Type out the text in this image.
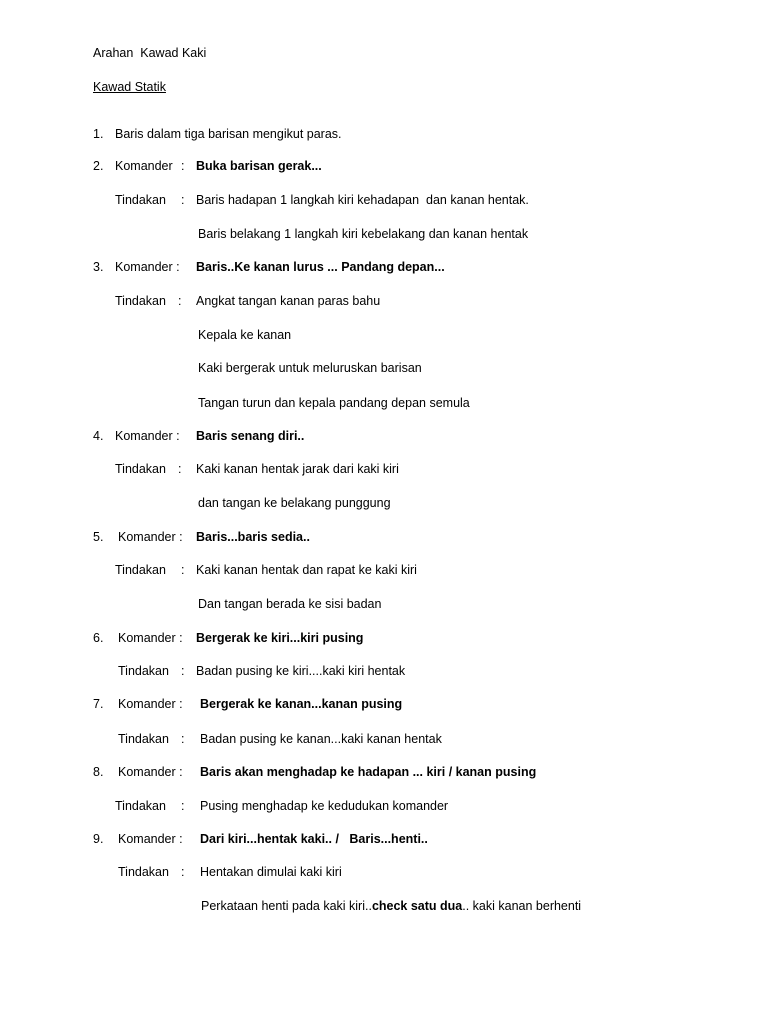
Arahan  Kawad Kaki
Kawad Statik
1. Baris dalam tiga barisan mengikut paras.
2. Komander : Buka barisan gerak...
Tindakan : Baris hadapan 1 langkah kiri kehadapan  dan kanan hentak.
Baris belakang 1 langkah kiri kebelakang dan kanan hentak
3. Komander : Baris..Ke kanan lurus ... Pandang depan...
Tindakan : Angkat tangan kanan paras bahu
Kepala ke kanan
Kaki bergerak untuk meluruskan barisan
Tangan turun dan kepala pandang depan semula
4. Komander : Baris senang diri..
Tindakan : Kaki kanan hentak jarak dari kaki kiri
dan tangan ke belakang punggung
5. Komander : Baris...baris sedia..
Tindakan : Kaki kanan hentak dan rapat ke kaki kiri
Dan tangan berada ke sisi badan
6. Komander : Bergerak ke kiri...kiri pusing
Tindakan : Badan pusing ke kiri....kaki kiri hentak
7. Komander : Bergerak ke kanan...kanan pusing
Tindakan : Badan pusing ke kanan...kaki kanan hentak
8. Komander : Baris akan menghadap ke hadapan ... kiri / kanan pusing
Tindakan : Pusing menghadap ke kedudukan komander
9. Komander : Dari kiri...hentak kaki.. /   Baris...henti..
Tindakan : Hentakan dimulai kaki kiri
Perkataan henti pada kaki kiri..check satu dua.. kaki kanan berhenti
